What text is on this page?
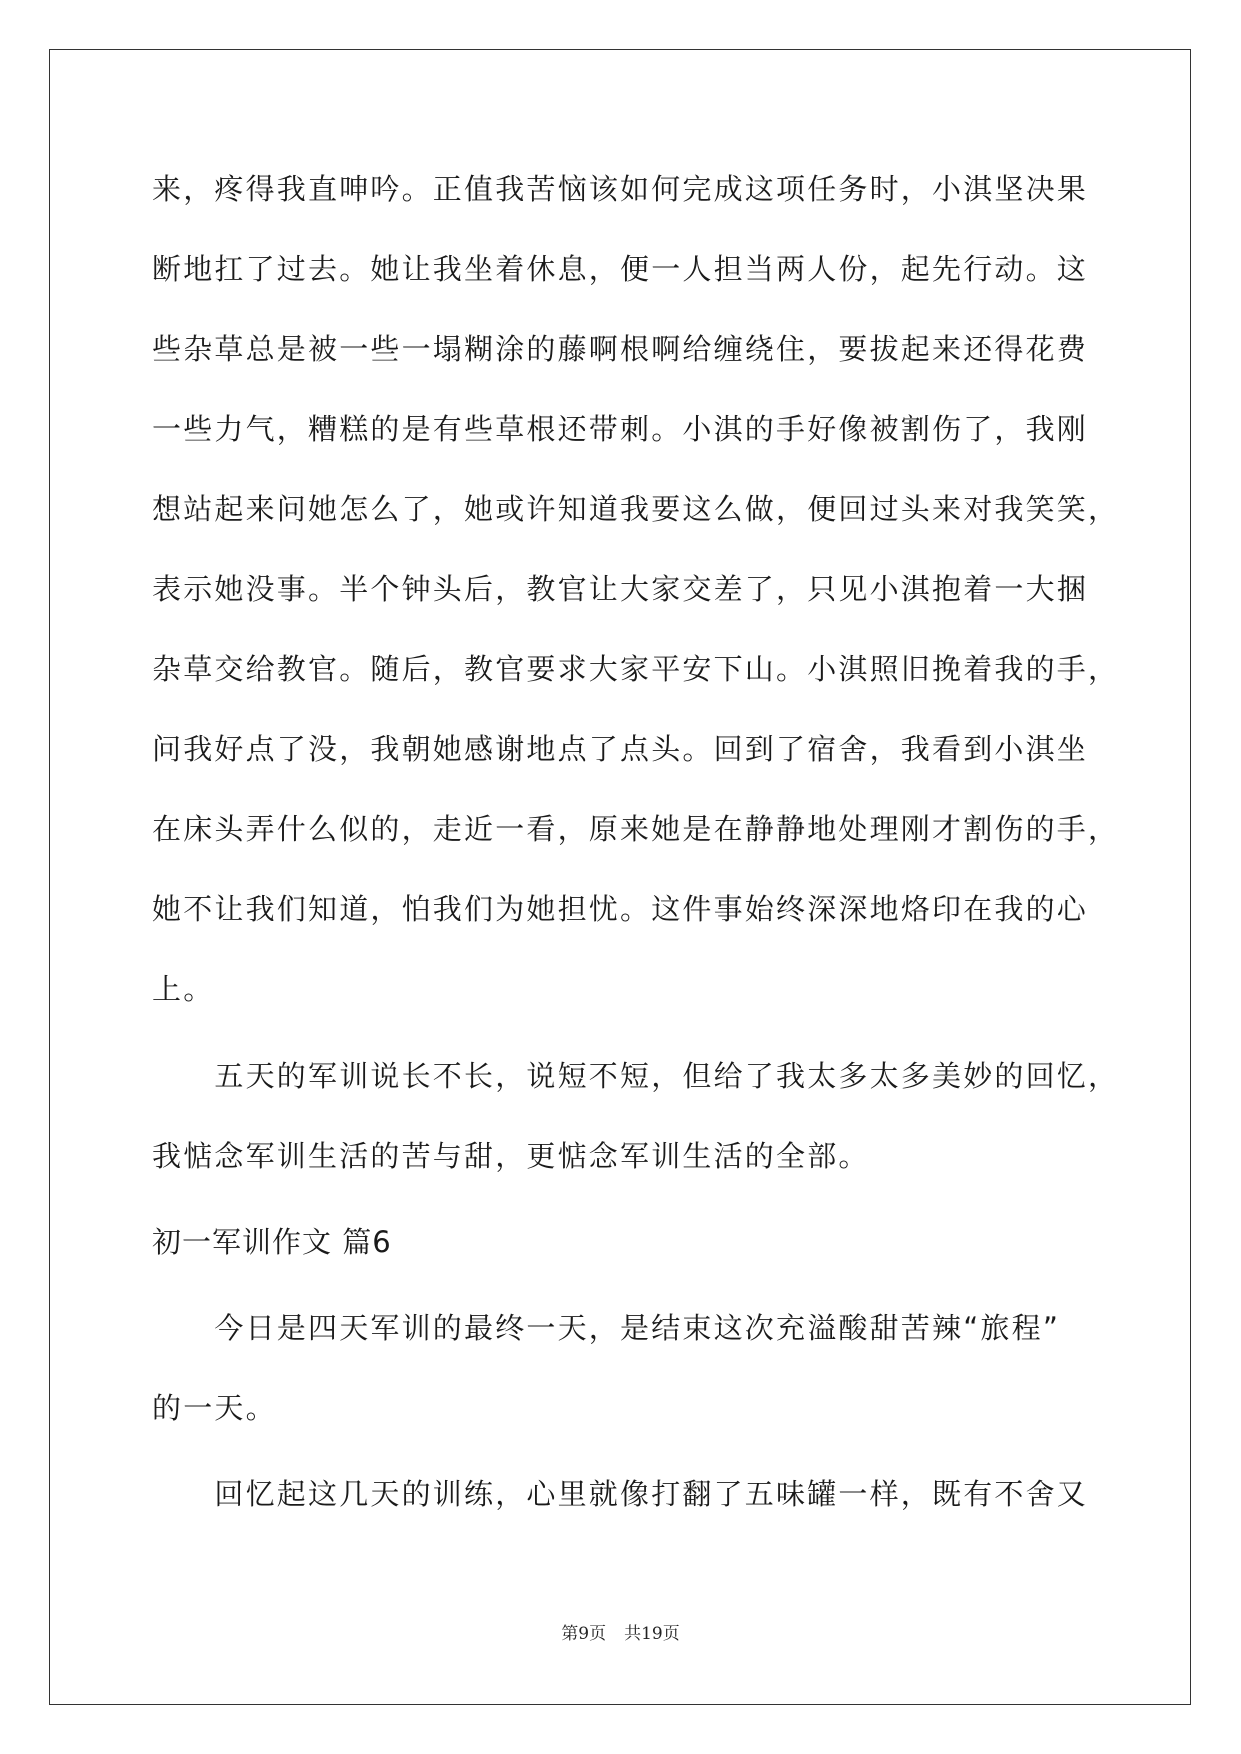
来，疼得我直呻吟。正值我苦恼该如何完成这项任务时，小淇坚决果
断地扛了过去。她让我坐着休息，便一人担当两人份，起先行动。这
些杂草总是被一些一塌糊涂的藤啊根啊给缠绕住，要拔起来还得花费
一些力气，糟糕的是有些草根还带刺。小淇的手好像被割伤了，我刚
想站起来问她怎么了，她或许知道我要这么做，便回过头来对我笑笑，
表示她没事。半个钟头后，教官让大家交差了，只见小淇抱着一大捆
杂草交给教官。随后，教官要求大家平安下山。小淇照旧挽着我的手，
问我好点了没，我朝她感谢地点了点头。回到了宿舍，我看到小淇坐
在床头弄什么似的，走近一看，原来她是在静静地处理刚才割伤的手，
她不让我们知道，怕我们为她担忧。这件事始终深深地烙印在我的心
上。
　　五天的军训说长不长，说短不短，但给了我太多太多美妙的回忆，
我惦念军训生活的苦与甜，更惦念军训生活的全部。
初一军训作文 篇6
　　今日是四天军训的最终一天，是结束这次充溢酸甜苦辣“旅程”
的一天。
　　回忆起这几天的训练，心里就像打翻了五味罐一样，既有不舍又
第9页 共19页
